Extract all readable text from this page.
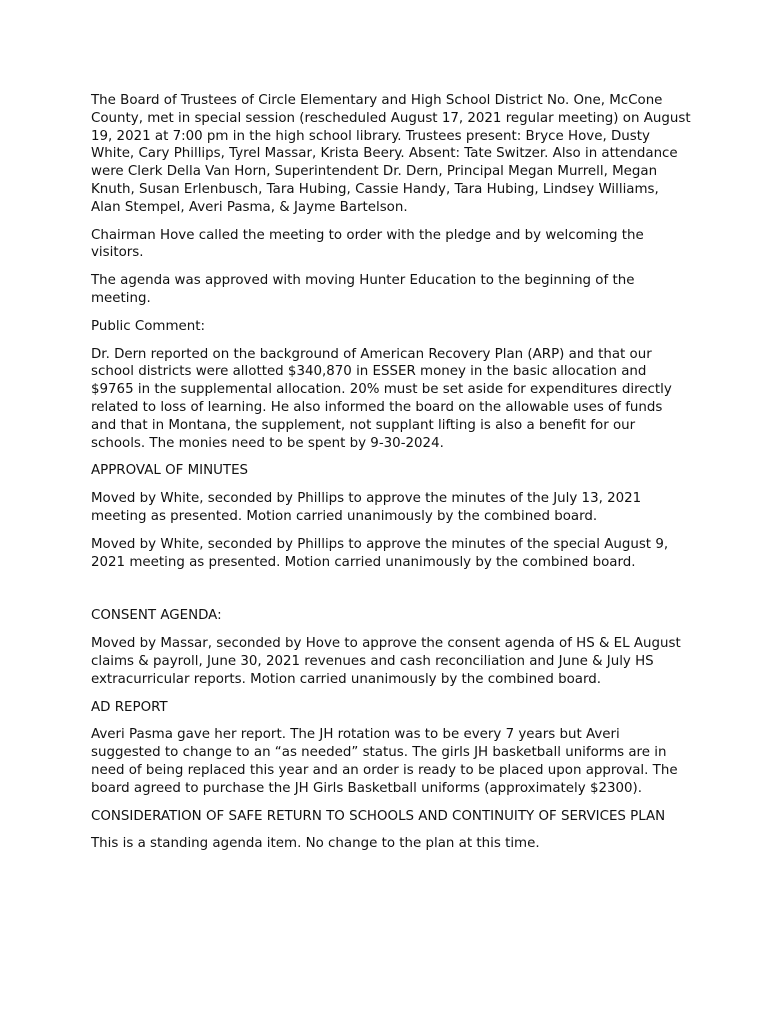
The Board of Trustees of Circle Elementary and High School District No. One, McCone County, met in special session (rescheduled August 17, 2021 regular meeting) on August 19, 2021 at 7:00 pm in the high school library. Trustees present: Bryce Hove, Dusty White, Cary Phillips, Tyrel Massar, Krista Beery. Absent: Tate Switzer. Also in attendance were Clerk Della Van Horn, Superintendent Dr. Dern, Principal Megan Murrell, Megan Knuth, Susan Erlenbusch, Tara Hubing, Cassie Handy, Tara Hubing, Lindsey Williams, Alan Stempel, Averi Pasma, & Jayme Bartelson.

Chairman Hove called the meeting to order with the pledge and by welcoming the visitors.

The agenda was approved with moving Hunter Education to the beginning of the meeting.

Public Comment:

Dr. Dern reported on the background of American Recovery Plan (ARP) and that our school districts were allotted $340,870 in ESSER money in the basic allocation and $9765 in the supplemental allocation. 20% must be set aside for expenditures directly related to loss of learning. He also informed the board on the allowable uses of funds and that in Montana, the supplement, not supplant lifting is also a benefit for our schools. The monies need to be spent by 9-30-2024.

APPROVAL OF MINUTES

Moved by White, seconded by Phillips to approve the minutes of the July 13, 2021 meeting as presented. Motion carried unanimously by the combined board.

Moved by White, seconded by Phillips to approve the minutes of the special August 9, 2021 meeting as presented. Motion carried unanimously by the combined board.

CONSENT AGENDA:

Moved by Massar, seconded by Hove to approve the consent agenda of HS & EL August claims & payroll, June 30, 2021 revenues and cash reconciliation and June & July HS extracurricular reports. Motion carried unanimously by the combined board.

AD REPORT

Averi Pasma gave her report. The JH rotation was to be every 7 years but Averi suggested to change to an “as needed” status. The girls JH basketball uniforms are in need of being replaced this year and an order is ready to be placed upon approval. The board agreed to purchase the JH Girls Basketball uniforms (approximately $2300).

CONSIDERATION OF SAFE RETURN TO SCHOOLS AND CONTINUITY OF SERVICES PLAN

This is a standing agenda item. No change to the plan at this time.
